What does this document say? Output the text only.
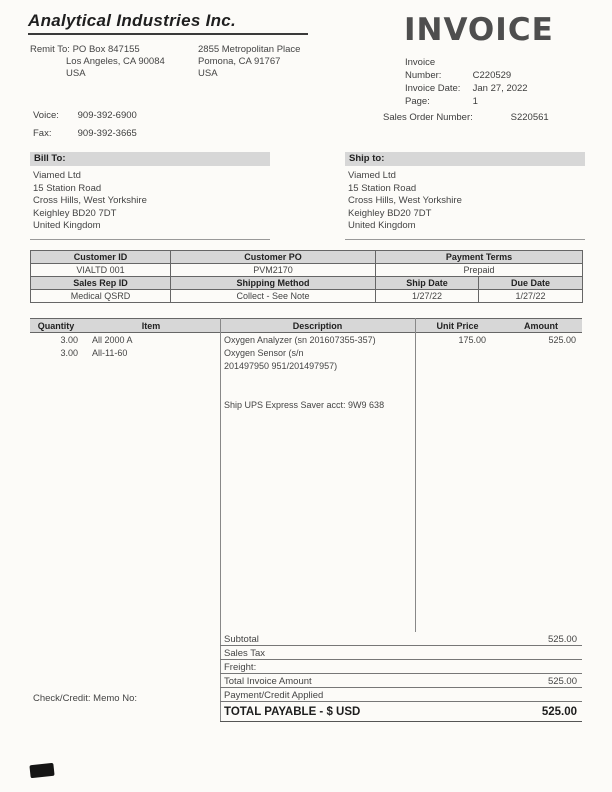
Analytical Industries Inc.	INVOICE
Remit To: PO Box 847155
Los Angeles, CA 90084
USA
2855 Metropolitan Place
Pomona, CA 91767
USA
Invoice Number:	C220529
Invoice Date: Jan 27, 2022
Page:	1
Voice: 909-392-6900
Fax:	909-392-3665
Sales Order Number:	S220561
Bill To:
Viamed Ltd
15 Station Road
Cross Hills, West Yorkshire
Keighley BD20 7DT
United Kingdom
Ship to:
Viamed Ltd
15 Station Road
Cross Hills, West Yorkshire
Keighley BD20 7DT
United Kingdom
Customer ID	Customer PO	Payment Terms	
VIALTD 001	PVM2170	Prepaid	
Sales Rep ID	Shipping Method	Ship Date	Due Date
Medical QSRD	Collect - See Note	1/27/22	1/27/22
Quantity	Item	Description	Unit Price	Amount
3.00	All 2000 A	Oxygen Analyzer (sn 201607355-357)	175.00	525.00
3.00	All-11-60	Oxygen Sensor (s/n
201497950 951/201497957)
Ship UPS Express Saver acct: 9W9 638
Subtotal	525.00
Sales Tax
Freight:
Total Invoice Amount	525.00
Payment/Credit Applied
TOTAL PAYABLE - $ USD	525.00
Check/Credit: Memo No:
